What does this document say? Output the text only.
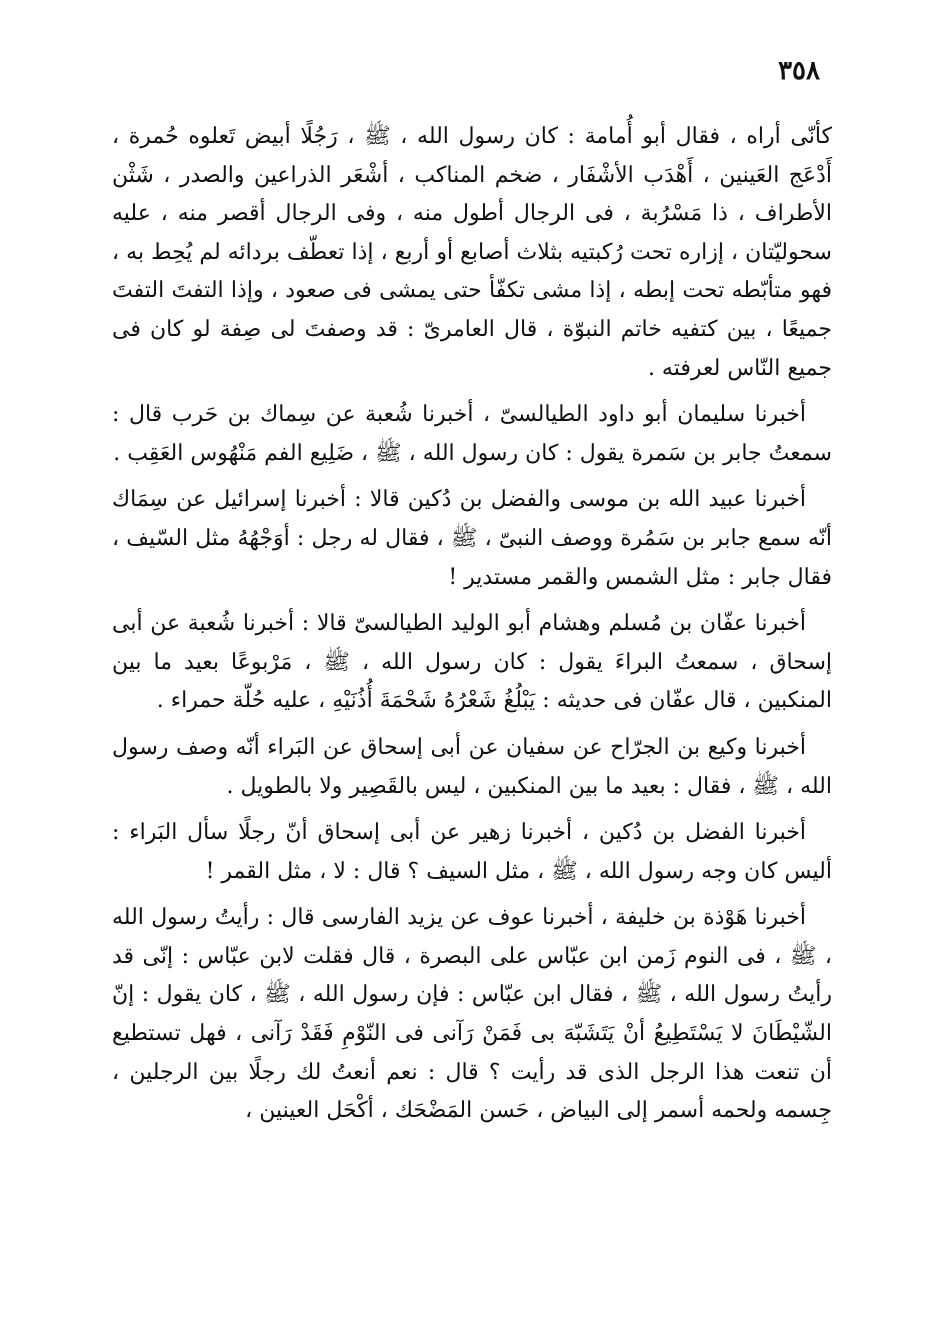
٣٥٨

كأنّى أراه ، فقال أبو أُمامة : كان رسول الله ، ﷺ ، رَجُلًا أبيض تَعلوه حُمرة ، أَدْعَج العَينين ، أَهْدَب الأشْفَار ، ضخم المناكب ، أشْعَر الذراعين والصدر ، شَثْن الأطراف ، ذا مَسْرُبة ، فى الرجال أطول منه ، وفى الرجال أقصر منه ، عليه سحوليّتان ، إزاره تحت رُكبتيه بثلاث أصابع أو أربع ، إذا تعطّف بردائه لم يُحِط به ، فهو متأبّطه تحت إبطه ، إذا مشى تكفّأ حتى يمشى فى صعود ، وإذا التفتَ التفتَ جميعًا ، بين كتفيه خاتم النبوّة ، قال العامرىّ : قد وصفتَ لى صِفة لو كان فى جميع النّاس لعرفته .

أخبرنا سليمان أبو داود الطيالسىّ ، أخبرنا شُعبة عن سِماك بن حَرب قال : سمعتُ جابر بن سَمرة يقول : كان رسول الله ، ﷺ ، ضَلِيع الفم مَنْهُوس العَقِب .

أخبرنا عبيد الله بن موسى والفضل بن دُكين قالا : أخبرنا إسرائيل عن سِمَاك أنّه سمع جابر بن سَمُرة ووصف النبىّ ، ﷺ ، فقال له رجل : أوَجْهُهُ مثل السّيف ، فقال جابر : مثل الشمس والقمر مستدير !

أخبرنا عفّان بن مُسلم وهشام أبو الوليد الطيالسىّ قالا : أخبرنا شُعبة عن أبى إسحاق ، سمعتُ البراءَ يقول : كان رسول الله ، ﷺ ، مَرْبوعًا بعيد ما بين المنكبين ، قال عفّان فى حديثه : يَبْلُغُ شَعْرُهُ شَحْمَةَ أُذُنَيْهِ ، عليه حُلّة حمراء .

أخبرنا وكيع بن الجرّاح عن سفيان عن أبى إسحاق عن البَراء أنّه وصف رسول الله ، ﷺ ، فقال : بعيد ما بين المنكبين ، ليس بالقَصِير ولا بالطويل .

أخبرنا الفضل بن دُكين ، أخبرنا زهير عن أبى إسحاق أنّ رجلًا سأل البَراء : أليس كان وجه رسول الله ، ﷺ ، مثل السيف ؟ قال : لا ، مثل القمر !

أخبرنا هَوْذة بن خليفة ، أخبرنا عوف عن يزيد الفارسى قال : رأيتُ رسول الله ، ﷺ ، فى النوم زَمن ابن عبّاس على البصرة ، قال فقلت لابن عبّاس : إنّى قد رأيتُ رسول الله ، ﷺ ، فقال ابن عبّاس : فإن رسول الله ، ﷺ ، كان يقول : إنّ الشّيْطَانَ لا يَسْتَطِيعُ أنْ يَتَشَبّهَ بى فَمَنْ رَآنى فى النّوْمِ فَقَدْ رَآنى ، فهل تستطيع أن تنعت هذا الرجل الذى قد رأيت ؟ قال : نعم أنعتُ لك رجلًا بين الرجلين ، جِسمه ولحمه أسمر إلى البياض ، حَسن المَضْحَك ، أكْحَل العينين ،
